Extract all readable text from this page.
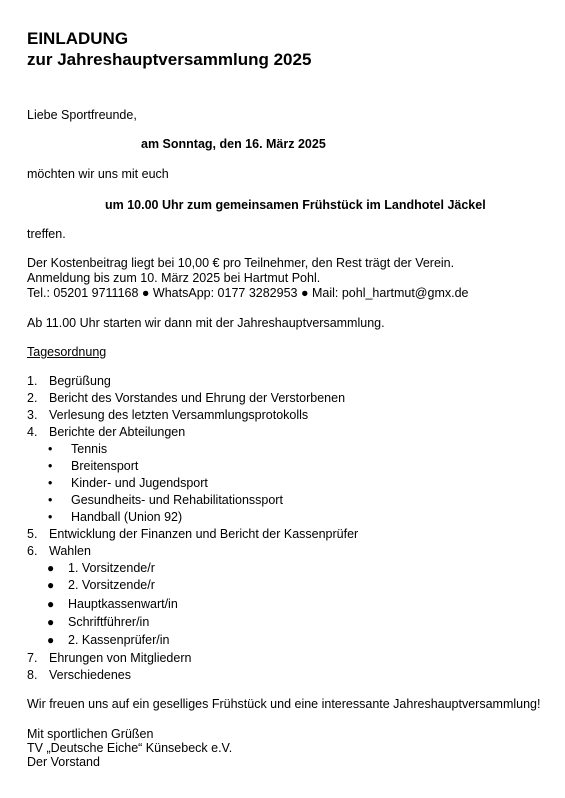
EINLADUNG
zur Jahreshauptversammlung 2025
Liebe Sportfreunde,
am Sonntag, den 16. März 2025
möchten wir uns mit euch
um 10.00 Uhr zum gemeinsamen Frühstück im Landhotel Jäckel
treffen.
Der Kostenbeitrag liegt bei 10,00 € pro Teilnehmer, den Rest trägt der Verein.
Anmeldung bis zum 10. März 2025 bei Hartmut Pohl.
Tel.: 05201 9711168 ● WhatsApp: 0177 3282953 ● Mail: pohl_hartmut@gmx.de
Ab 11.00 Uhr starten wir dann mit der Jahreshauptversammlung.
Tagesordnung
1. Begrüßung
2. Bericht des Vorstandes und Ehrung der Verstorbenen
3. Verlesung des letzten Versammlungsprotokolls
4. Berichte der Abteilungen
• Tennis
• Breitensport
• Kinder- und Jugendsport
• Gesundheits- und Rehabilitationssport
• Handball (Union 92)
5. Entwicklung der Finanzen und Bericht der Kassenprüfer
6. Wahlen
● 1. Vorsitzende/r
● 2. Vorsitzende/r
● Hauptkassenwart/in
● Schriftführer/in
● 2. Kassenprüfer/in
7. Ehrungen von Mitgliedern
8. Verschiedenes
Wir freuen uns auf ein geselliges Frühstück und eine interessante Jahreshauptversammlung!
Mit sportlichen Grüßen
TV „Deutsche Eiche“ Künsebeck e.V.
Der Vorstand
